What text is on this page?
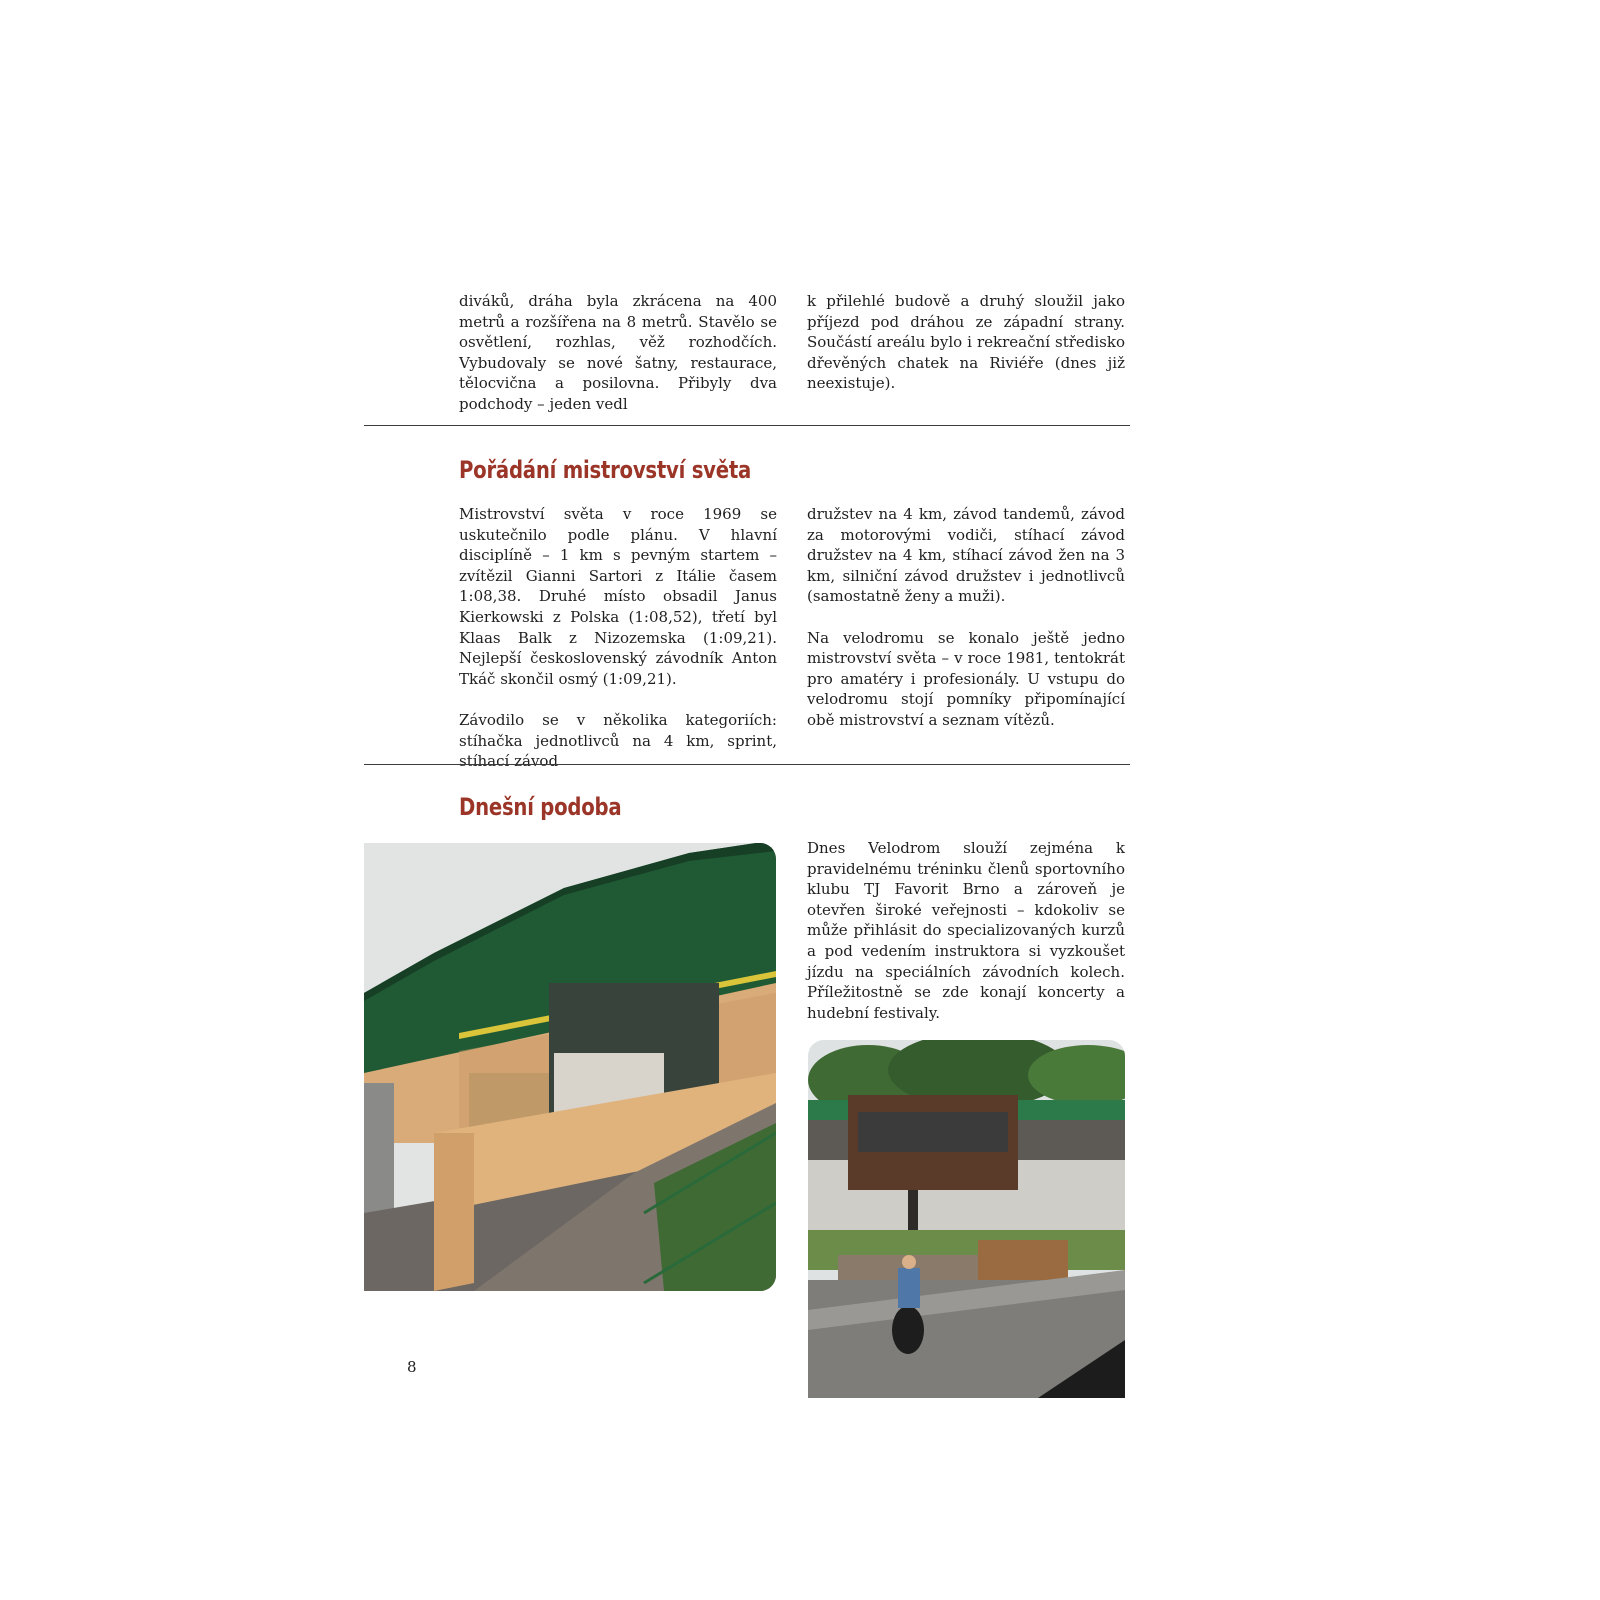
diváků, dráha byla zkrácena na 400 metrů a rozšířena na 8 metrů. Stavělo se osvětlení, rozhlas, věž rozhodčích. Vybudovaly se nové šatny, restaurace, tělocvična a posilovna. Přibyly dva podchody – jeden vedl

k přilehlé budově a druhý sloužil jako příjezd pod dráhou ze západní strany. Součástí areálu bylo i rekreační středisko dřevěných chatek na Riviéře (dnes již neexistuje).

Pořádání mistrovství světa

Mistrovství světa v roce 1969 se uskutečnilo podle plánu. V hlavní disciplíně – 1 km s pevným startem – zvítězil Gianni Sartori z Itálie časem 1:08,38. Druhé místo obsadil Janus Kierkowski z Polska (1:08,52), třetí byl Klaas Balk z Nizozemska (1:09,21). Nejlepší československý závodník Anton Tkáč skončil osmý (1:09,21).

Závodilo se v několika kategoriích: stíhačka jednotlivců na 4 km, sprint, stíhací závod

družstev na 4 km, závod tandemů, závod za motorovými vodiči, stíhací závod družstev na 4 km, stíhací závod žen na 3 km, silniční závod družstev i jednotlivců (samostatně ženy a muži).

Na velodromu se konalo ještě jedno mistrovství světa – v roce 1981, tentokrát pro amatéry i profesionály. U vstupu do velodromu stojí pomníky připomínající obě mistrovství a seznam vítězů.

Dnešní podoba

Dnes Velodrom slouží zejména k pravidelnému tréninku členů sportovního klubu TJ Favorit Brno a zároveň je otevřen široké veřejnosti – kdokoliv se může přihlásit do specializovaných kurzů a pod vedením instruktora si vyzkoušet jízdu na speciálních závodních kolech. Příležitostně se zde konají koncerty a hudební festivaly.

8
